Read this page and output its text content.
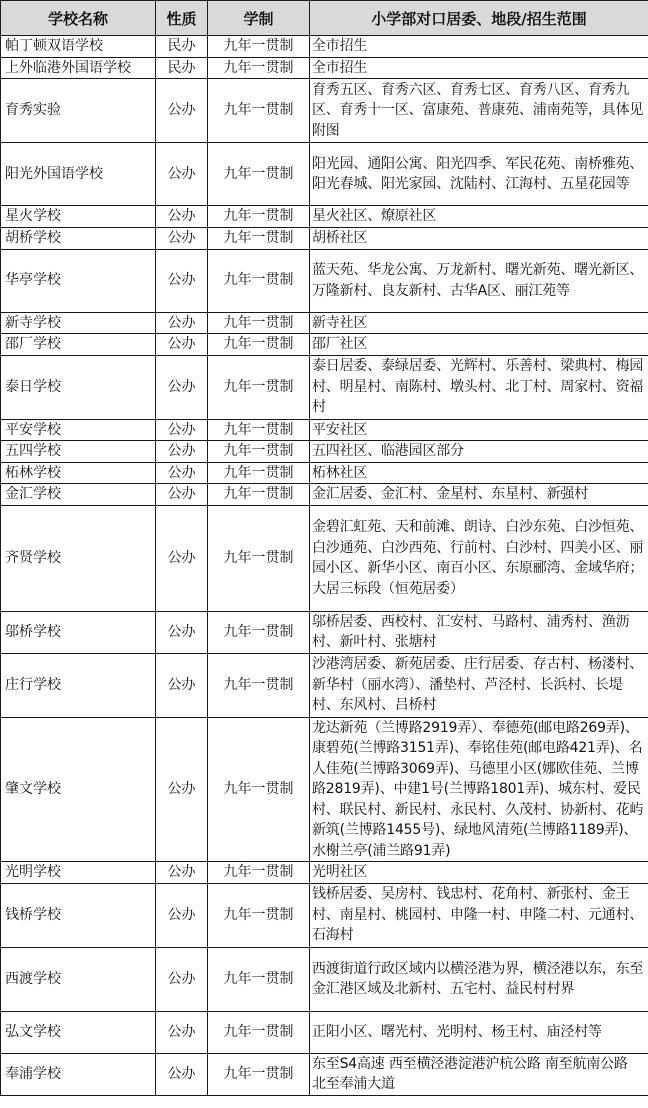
学校名称	性质	学制	小学部对口居委、地段/招生范围
帕丁顿双语学校	民办	九年一贯制	全市招生
上外临港外国语学校	民办	九年一贯制	全市招生
育秀实验	公办	九年一贯制	育秀五区、育秀六区、育秀七区、育秀八区、育秀九区、育秀十一区、富康苑、普康苑、浦南苑等，具体见附图
阳光外国语学校	公办	九年一贯制	阳光园、通阳公寓、阳光四季、军民花苑、南桥雅苑、阳光春城、阳光家园、沈陆村、江海村、五星花园等
星火学校	公办	九年一贯制	星火社区、燎原社区
胡桥学校	公办	九年一贯制	胡桥社区
华亭学校	公办	九年一贯制	蓝天苑、华龙公寓、万龙新村、曙光新苑、曙光新区、万隆新村、良友新村、古华A区、丽江苑等
新寺学校	公办	九年一贯制	新寺社区
邵厂学校	公办	九年一贯制	邵厂社区
泰日学校	公办	九年一贯制	泰日居委、泰绿居委、光辉村、乐善村、梁典村、梅园村、明星村、南陈村、墩头村、北丁村、周家村、资福村
平安学校	公办	九年一贯制	平安社区
五四学校	公办	九年一贯制	五四社区、临港园区部分
柘林学校	公办	九年一贯制	柘林社区
金汇学校	公办	九年一贯制	金汇居委、金汇村、金星村、东星村、新强村
齐贤学校	公办	九年一贯制	金碧汇虹苑、天和前滩、朗诗、白沙东苑、白沙恒苑、白沙通苑、白沙西苑、行前村、白沙村、四美小区、丽园小区、新华小区、南百小区、东原郦湾、金域华府；大居三标段（恒苑居委）
邬桥学校	公办	九年一贯制	邬桥居委、西校村、汇安村、马路村、浦秀村、渔沥村、新叶村、张塘村
庄行学校	公办	九年一贯制	沙港湾居委、新苑居委、庄行居委、存古村、杨溇村、新华村（丽水湾）、潘垫村、芦泾村、长浜村、长堤村、东风村、吕桥村
肇文学校	公办	九年一贯制	龙达新苑（兰博路2919弄）、奉德苑(邮电路269弄)、康碧苑(兰博路3151弄)、奉铭佳苑(邮电路421弄)、名人佳苑(兰博路3069弄)、马德里小区(娜欧佳苑、兰博路2819弄)、中建1号(兰博路1801弄)、城东村、爱民村、联民村、新民村、永民村、久茂村、协新村、花屿新筑(兰博路1455号)、绿地风清苑(兰博路1189弄)、水榭兰亭(浦兰路91弄)
光明学校	公办	九年一贯制	光明社区
钱桥学校	公办	九年一贯制	钱桥居委、吴房村、钱忠村、花角村、新张村、金王村、南星村、桃园村、申隆一村、申隆二村、元通村、石海村
西渡学校	公办	九年一贯制	西渡街道行政区域内以横泾港为界，横泾港以东，东至金汇港区域及北新村、五宅村、益民村村界
弘文学校	公办	九年一贯制	正阳小区、曙光村、光明村、杨王村、庙泾村等
奉浦学校	公办	九年一贯制	东至S4高速 西至横泾港淀港沪杭公路 南至航南公路 北至奉浦大道
